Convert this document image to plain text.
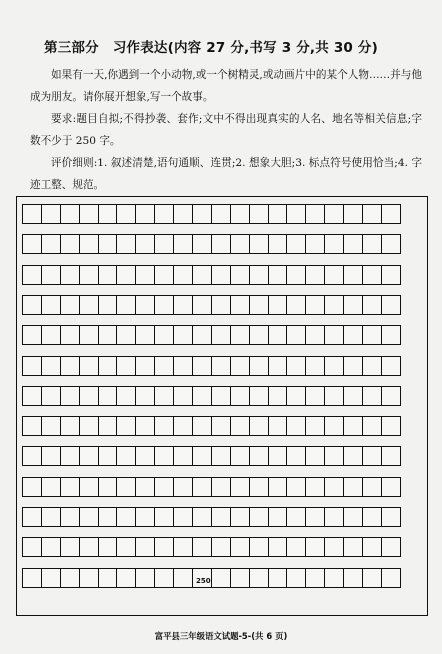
第三部分 习作表达(内容 27 分,书写 3 分,共 30 分)
如果有一天,你遇到一个小动物,或一个树精灵,或动画片中的某个人物……并与他成为朋友。请你展开想象,写一个故事。
要求:题目自拟;不得抄袭、套作;文中不得出现真实的人名、地名等相关信息;字数不少于 250 字。
评价细则:1. 叙述清楚,语句通顺、连贯;2. 想象大胆;3. 标点符号使用恰当;4. 字迹工整、规范。
250
富平县三年级语文试题-5-(共 6 页)
